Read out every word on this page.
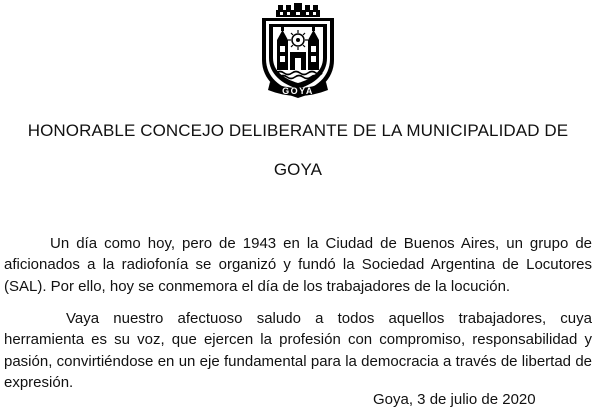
GOYA
HONORABLE CONCEJO DELIBERANTE DE LA MUNICIPALIDAD DE
GOYA

Un día como hoy, pero de 1943 en la Ciudad de Buenos Aires, un grupo de aficionados a la radiofonía se organizó y fundó la Sociedad Argentina de Locutores (SAL). Por ello, hoy se conmemora el día de los trabajadores de la locución.

Vaya nuestro afectuoso saludo a todos aquellos trabajadores, cuya herramienta es su voz, que ejercen la profesión con compromiso, responsabilidad y pasión, convirtiéndose en un eje fundamental para la democracia a través de libertad de expresión.

Goya, 3 de julio de 2020
